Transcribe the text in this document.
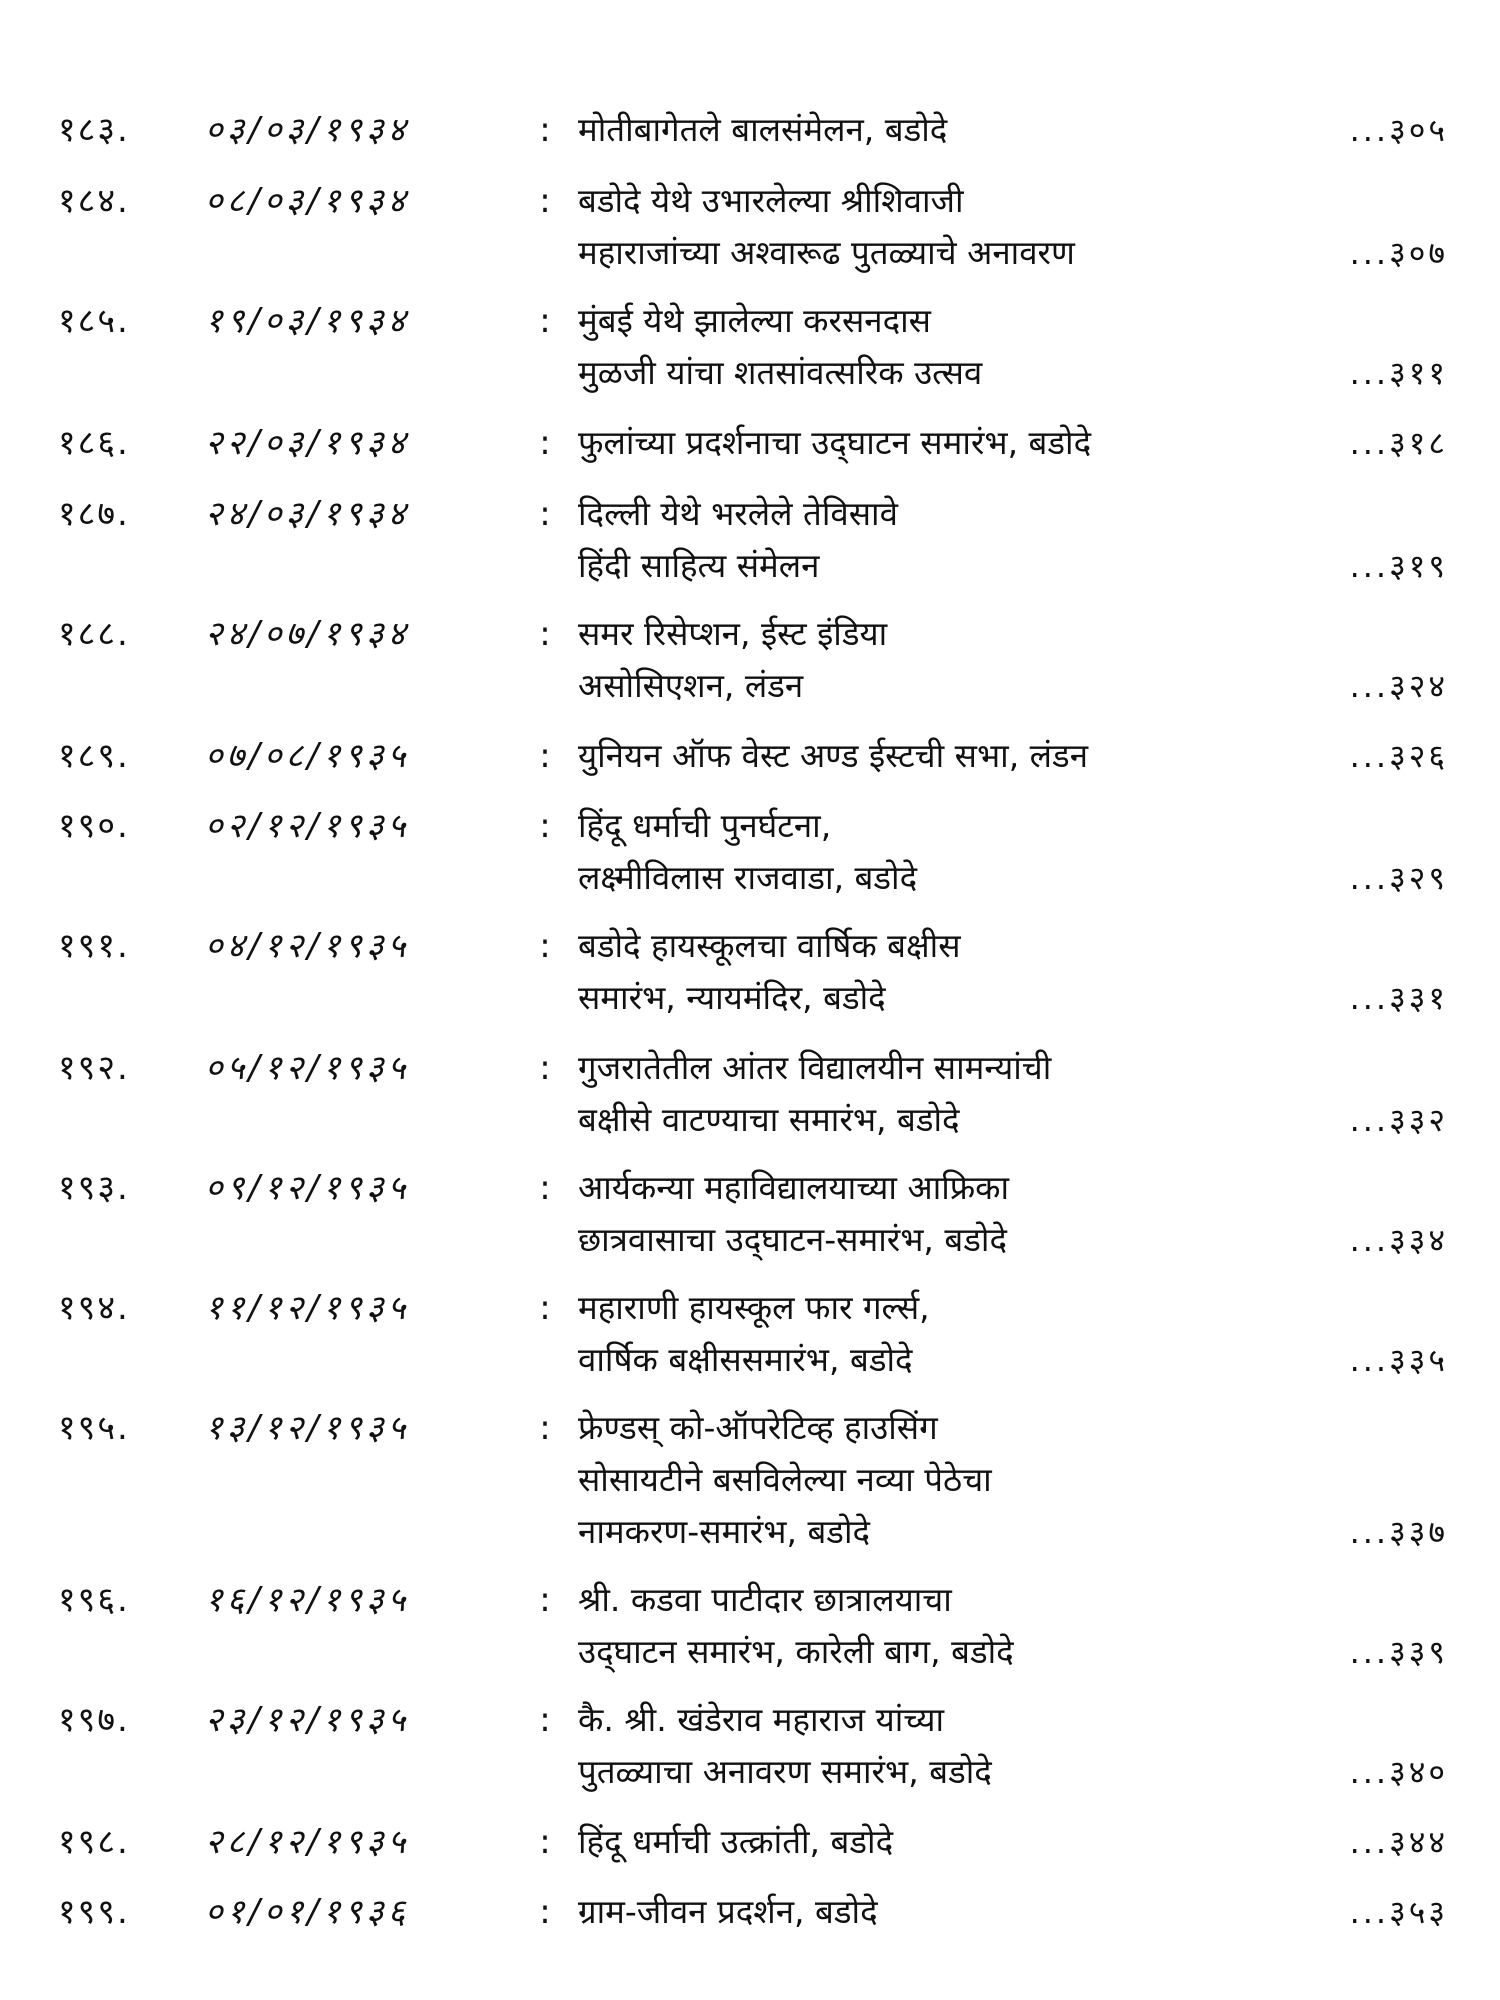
१८३.	०३/०३/१९३४	: मोतीबागेतले बालसंमेलन, बडोदे	...३०५
१८४.	०८/०३/१९३४	: बडोदे येथे उभारलेल्या श्रीशिवाजी
महाराजांच्या अश्वारूढ पुतळ्याचे अनावरण	...३०७
१८५.	१९/०३/१९३४	: मुंबई येथे झालेल्या करसनदास
मुळजी यांचा शतसांवत्सरिक उत्सव	...३११
१८६.	२२/०३/१९३४	: फुलांच्या प्रदर्शनाचा उद्‌घाटन समारंभ, बडोदे	...३१८
१८७.	२४/०३/१९३४	: दिल्ली येथे भरलेले तेविसावे
हिंदी साहित्य संमेलन	...३१९
१८८.	२४/०७/१९३४	: समर रिसेप्शन, ईस्ट इंडिया
असोसिएशन, लंडन	...३२४
१८९.	०७/०८/१९३५	: युनियन ऑफ वेस्ट अण्ड ईस्टची सभा, लंडन	...३२६
१९०.	०२/१२/१९३५	: हिंदू धर्माची पुनर्घटना,
लक्ष्मीविलास राजवाडा, बडोदे	...३२९
१९१.	०४/१२/१९३५	: बडोदे हायस्कूलचा वार्षिक बक्षीस
समारंभ, न्यायमंदिर, बडोदे	...३३१
१९२.	०५/१२/१९३५	: गुजरातेतील आंतर विद्यालयीन सामन्यांची
बक्षीसे वाटण्याचा समारंभ, बडोदे	...३३२
१९३.	०९/१२/१९३५	: आर्यकन्या महाविद्यालयाच्या आफ्रिका
छात्रवासाचा उद्‌घाटन-समारंभ, बडोदे	...३३४
१९४.	११/१२/१९३५	: महाराणी हायस्कूल फार गर्ल्स,
वार्षिक बक्षीससमारंभ, बडोदे	...३३५
१९५.	१३/१२/१९३५	: फ्रेण्डस्‌ को-ऑपरेटिव्ह हाउसिंग
सोसायटीने बसविलेल्या नव्या पेठेचा
नामकरण-समारंभ, बडोदे	...३३७
१९६.	१६/१२/१९३५	: श्री. कडवा पाटीदार छात्रालयाचा
उद्‌घाटन समारंभ, कारेली बाग, बडोदे	...३३९
१९७.	२३/१२/१९३५	: कै. श्री. खंडेराव महाराज यांच्या
पुतळ्याचा अनावरण समारंभ, बडोदे	...३४०
१९८.	२८/१२/१९३५	: हिंदू धर्माची उत्क्रांती, बडोदे	...३४४
१९९.	०१/०१/१९३६	: ग्राम-जीवन प्रदर्शन, बडोदे	...३५३
